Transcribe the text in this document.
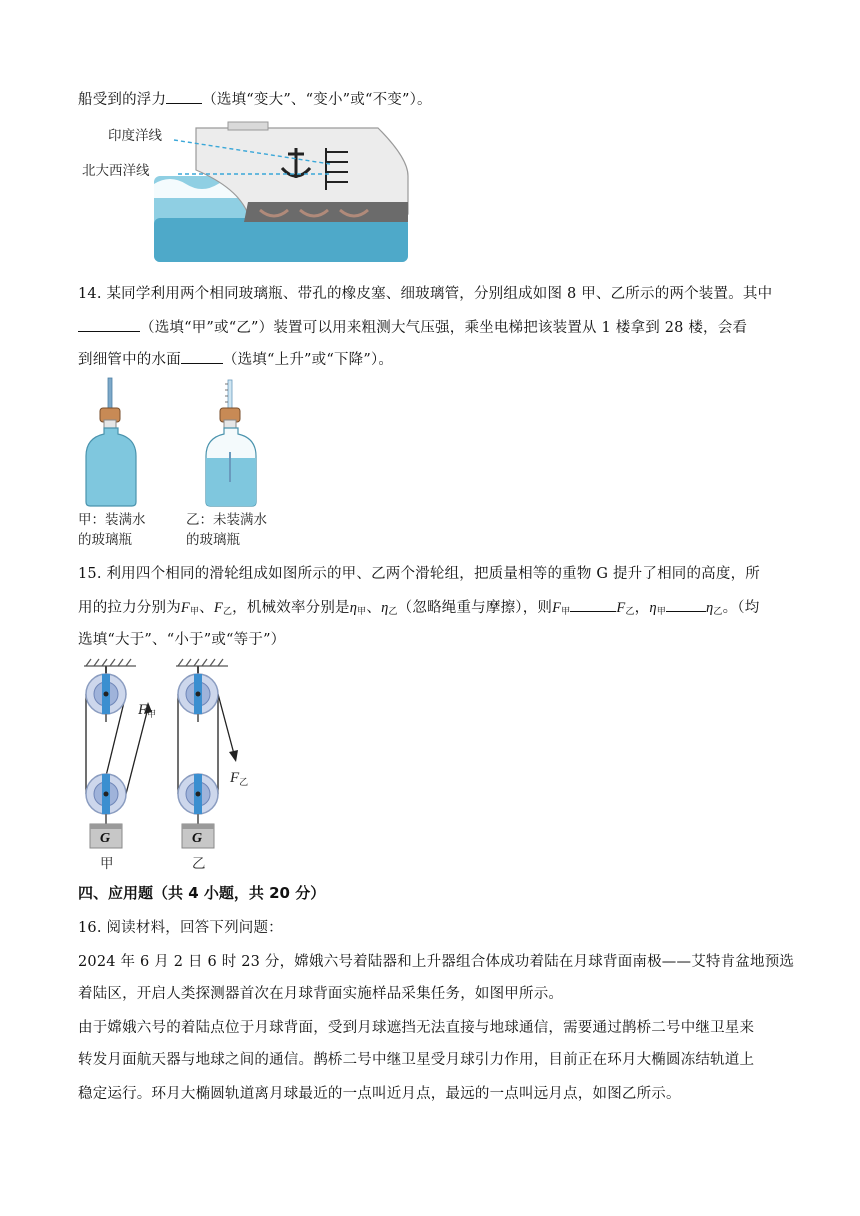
船受到的浮力 （选填“变大”、“变小”或“不变”）。
印度洋线
北大西洋线
14. 某同学利用两个相同玻璃瓶、带孔的橡皮塞、细玻璃管，分别组成如图 8 甲、乙所示的两个装置。其中
（选填“甲”或“乙”）装置可以用来粗测大气压强，乘坐电梯把该装置从 1 楼拿到 28 楼，会看
到细管中的水面	（选填“上升”或“下降”）。
甲：装满水
的玻璃瓶
乙：未装满水
的玻璃瓶
15. 利用四个相同的滑轮组成如图所示的甲、乙两个滑轮组，把质量相等的重物 G 提升了相同的高度，所
用的拉力分别为$F_甲$、$F_乙$，机械效率分别是$\eta_甲$、$\eta_乙$（忽略绳重与摩擦），则$F_甲$	$F_乙$，$\eta_甲$	$\eta_乙$。（均
选填“大于”、“小于”或“等于”）
$F_甲$
$F_乙$
G	G
甲	乙
四、应用题（共 4 小题，共 20 分）
16. 阅读材料，回答下列问题：
2024 年 6 月 2 日 6 时 23 分，嫦娥六号着陆器和上升器组合体成功着陆在月球背面南极——艾特肯盆地预选
着陆区，开启人类探测器首次在月球背面实施样品采集任务，如图甲所示。
由于嫦娥六号的着陆点位于月球背面，受到月球遮挡无法直接与地球通信，需要通过鹊桥二号中继卫星来
转发月面航天器与地球之间的通信。鹊桥二号中继卫星受月球引力作用，目前正在环月大椭圆冻结轨道上
稳定运行。环月大椭圆轨道离月球最近的一点叫近月点，最远的一点叫远月点，如图乙所示。
